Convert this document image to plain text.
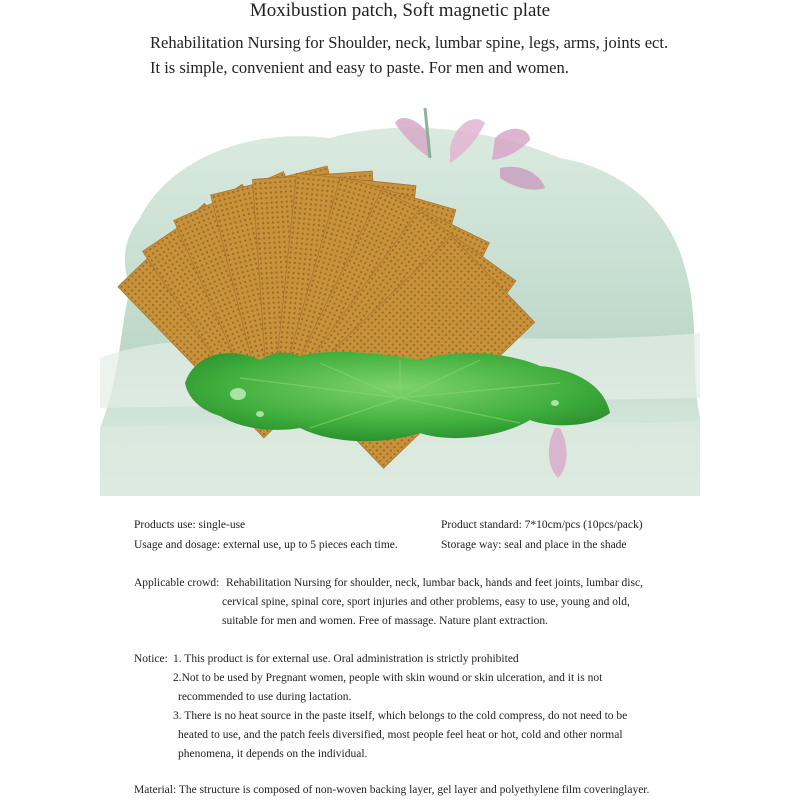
Moxibustion patch, Soft magnetic plate
Rehabilitation Nursing for Shoulder, neck, lumbar spine, legs, arms, joints ect.
It is simple, convenient and easy to paste. For men and women.
Products use: single-use	Product standard: 7*10cm/pcs (10pcs/pack)
Usage and dosage: external use, up to 5 pieces each time.	Storage way: seal and place in the shade
Applicable crowd: Rehabilitation Nursing for shoulder, neck, lumbar back, hands and feet joints, lumbar disc,
cervical spine, spinal core, sport injuries and other problems, easy to use, young and old,
suitable for men and women. Free of massage. Nature plant extraction.
Notice: 1. This product is for external use. Oral administration is strictly prohibited
2.Not to be used by Pregnant women, people with skin wound or skin ulceration, and it is not
recommended to use during lactation.
3. There is no heat source in the paste itself, which belongs to the cold compress, do not need to be
heated to use, and the patch feels diversified, most people feel heat or hot, cold and other normal
phenomena, it depends on the individual.
Material: The structure is composed of non-woven backing layer, gel layer and polyethylene film coveringlayer.
